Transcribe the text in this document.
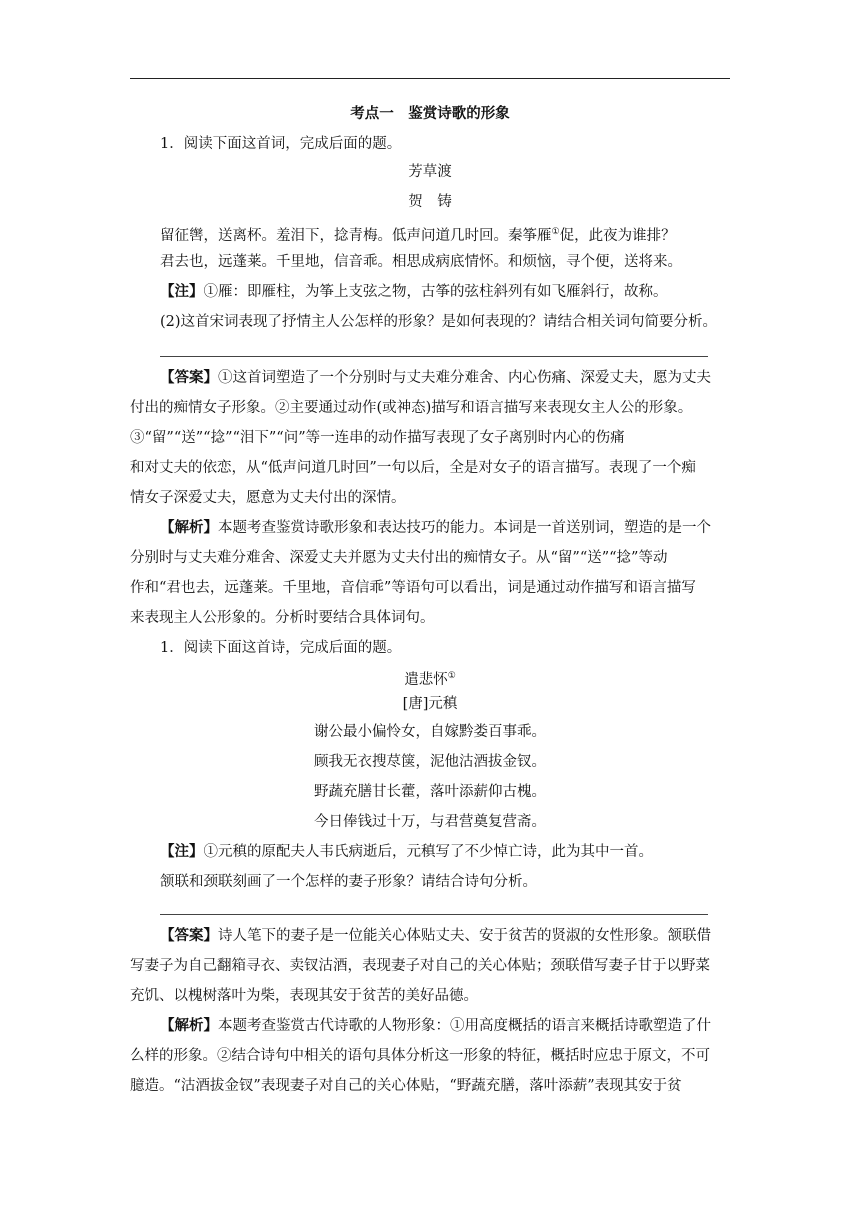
考点一　鉴赏诗歌的形象
1．阅读下面这首词，完成后面的题。
芳草渡
贺　铸
留征辔，送离杯。羞泪下，捻青梅。低声问道几时回。秦筝雁①促，此夜为谁排？
君去也，远蓬莱。千里地，信音乖。相思成病底情怀。和烦恼，寻个便，送将来。
【注】①雁：即雁柱，为筝上支弦之物，古筝的弦柱斜列有如飞雁斜行，故称。
(2)这首宋词表现了抒情主人公怎样的形象？是如何表现的？请结合相关词句简要分析。
【答案】①这首词塑造了一个分别时与丈夫难分难舍、内心伤痛、深爱丈夫，愿为丈夫
付出的痴情女子形象。②主要通过动作(或神态)描写和语言描写来表现女主人公的形象。
③“留”“送”“捻”“泪下”“问”等一连串的动作描写表现了女子离别时内心的伤痛
和对丈夫的依恋，从“低声问道几时回”一句以后，全是对女子的语言描写。表现了一个痴
情女子深爱丈夫，愿意为丈夫付出的深情。
【解析】本题考查鉴赏诗歌形象和表达技巧的能力。本词是一首送别词，塑造的是一个
分别时与丈夫难分难舍、深爱丈夫并愿为丈夫付出的痴情女子。从“留”“送”“捻”等动
作和“君也去，远蓬莱。千里地，音信乖”等语句可以看出，词是通过动作描写和语言描写
来表现主人公形象的。分析时要结合具体词句。
1．阅读下面这首诗，完成后面的题。
遣悲怀①
[唐]元稹
谢公最小偏怜女，自嫁黔娄百事乖。
顾我无衣搜荩箧，泥他沽酒拔金钗。
野蔬充膳甘长藿，落叶添薪仰古槐。
今日俸钱过十万，与君营奠复营斋。
【注】①元稹的原配夫人韦氏病逝后，元稹写了不少悼亡诗，此为其中一首。
颔联和颈联刻画了一个怎样的妻子形象？请结合诗句分析。
【答案】诗人笔下的妻子是一位能关心体贴丈夫、安于贫苦的贤淑的女性形象。颔联借
写妻子为自己翻箱寻衣、卖钗沽酒，表现妻子对自己的关心体贴；颈联借写妻子甘于以野菜
充饥、以槐树落叶为柴，表现其安于贫苦的美好品德。
【解析】本题考查鉴赏古代诗歌的人物形象：①用高度概括的语言来概括诗歌塑造了什
么样的形象。②结合诗句中相关的语句具体分析这一形象的特征，概括时应忠于原文，不可
臆造。“沽酒拔金钗”表现妻子对自己的关心体贴，“野蔬充膳，落叶添薪”表现其安于贫
